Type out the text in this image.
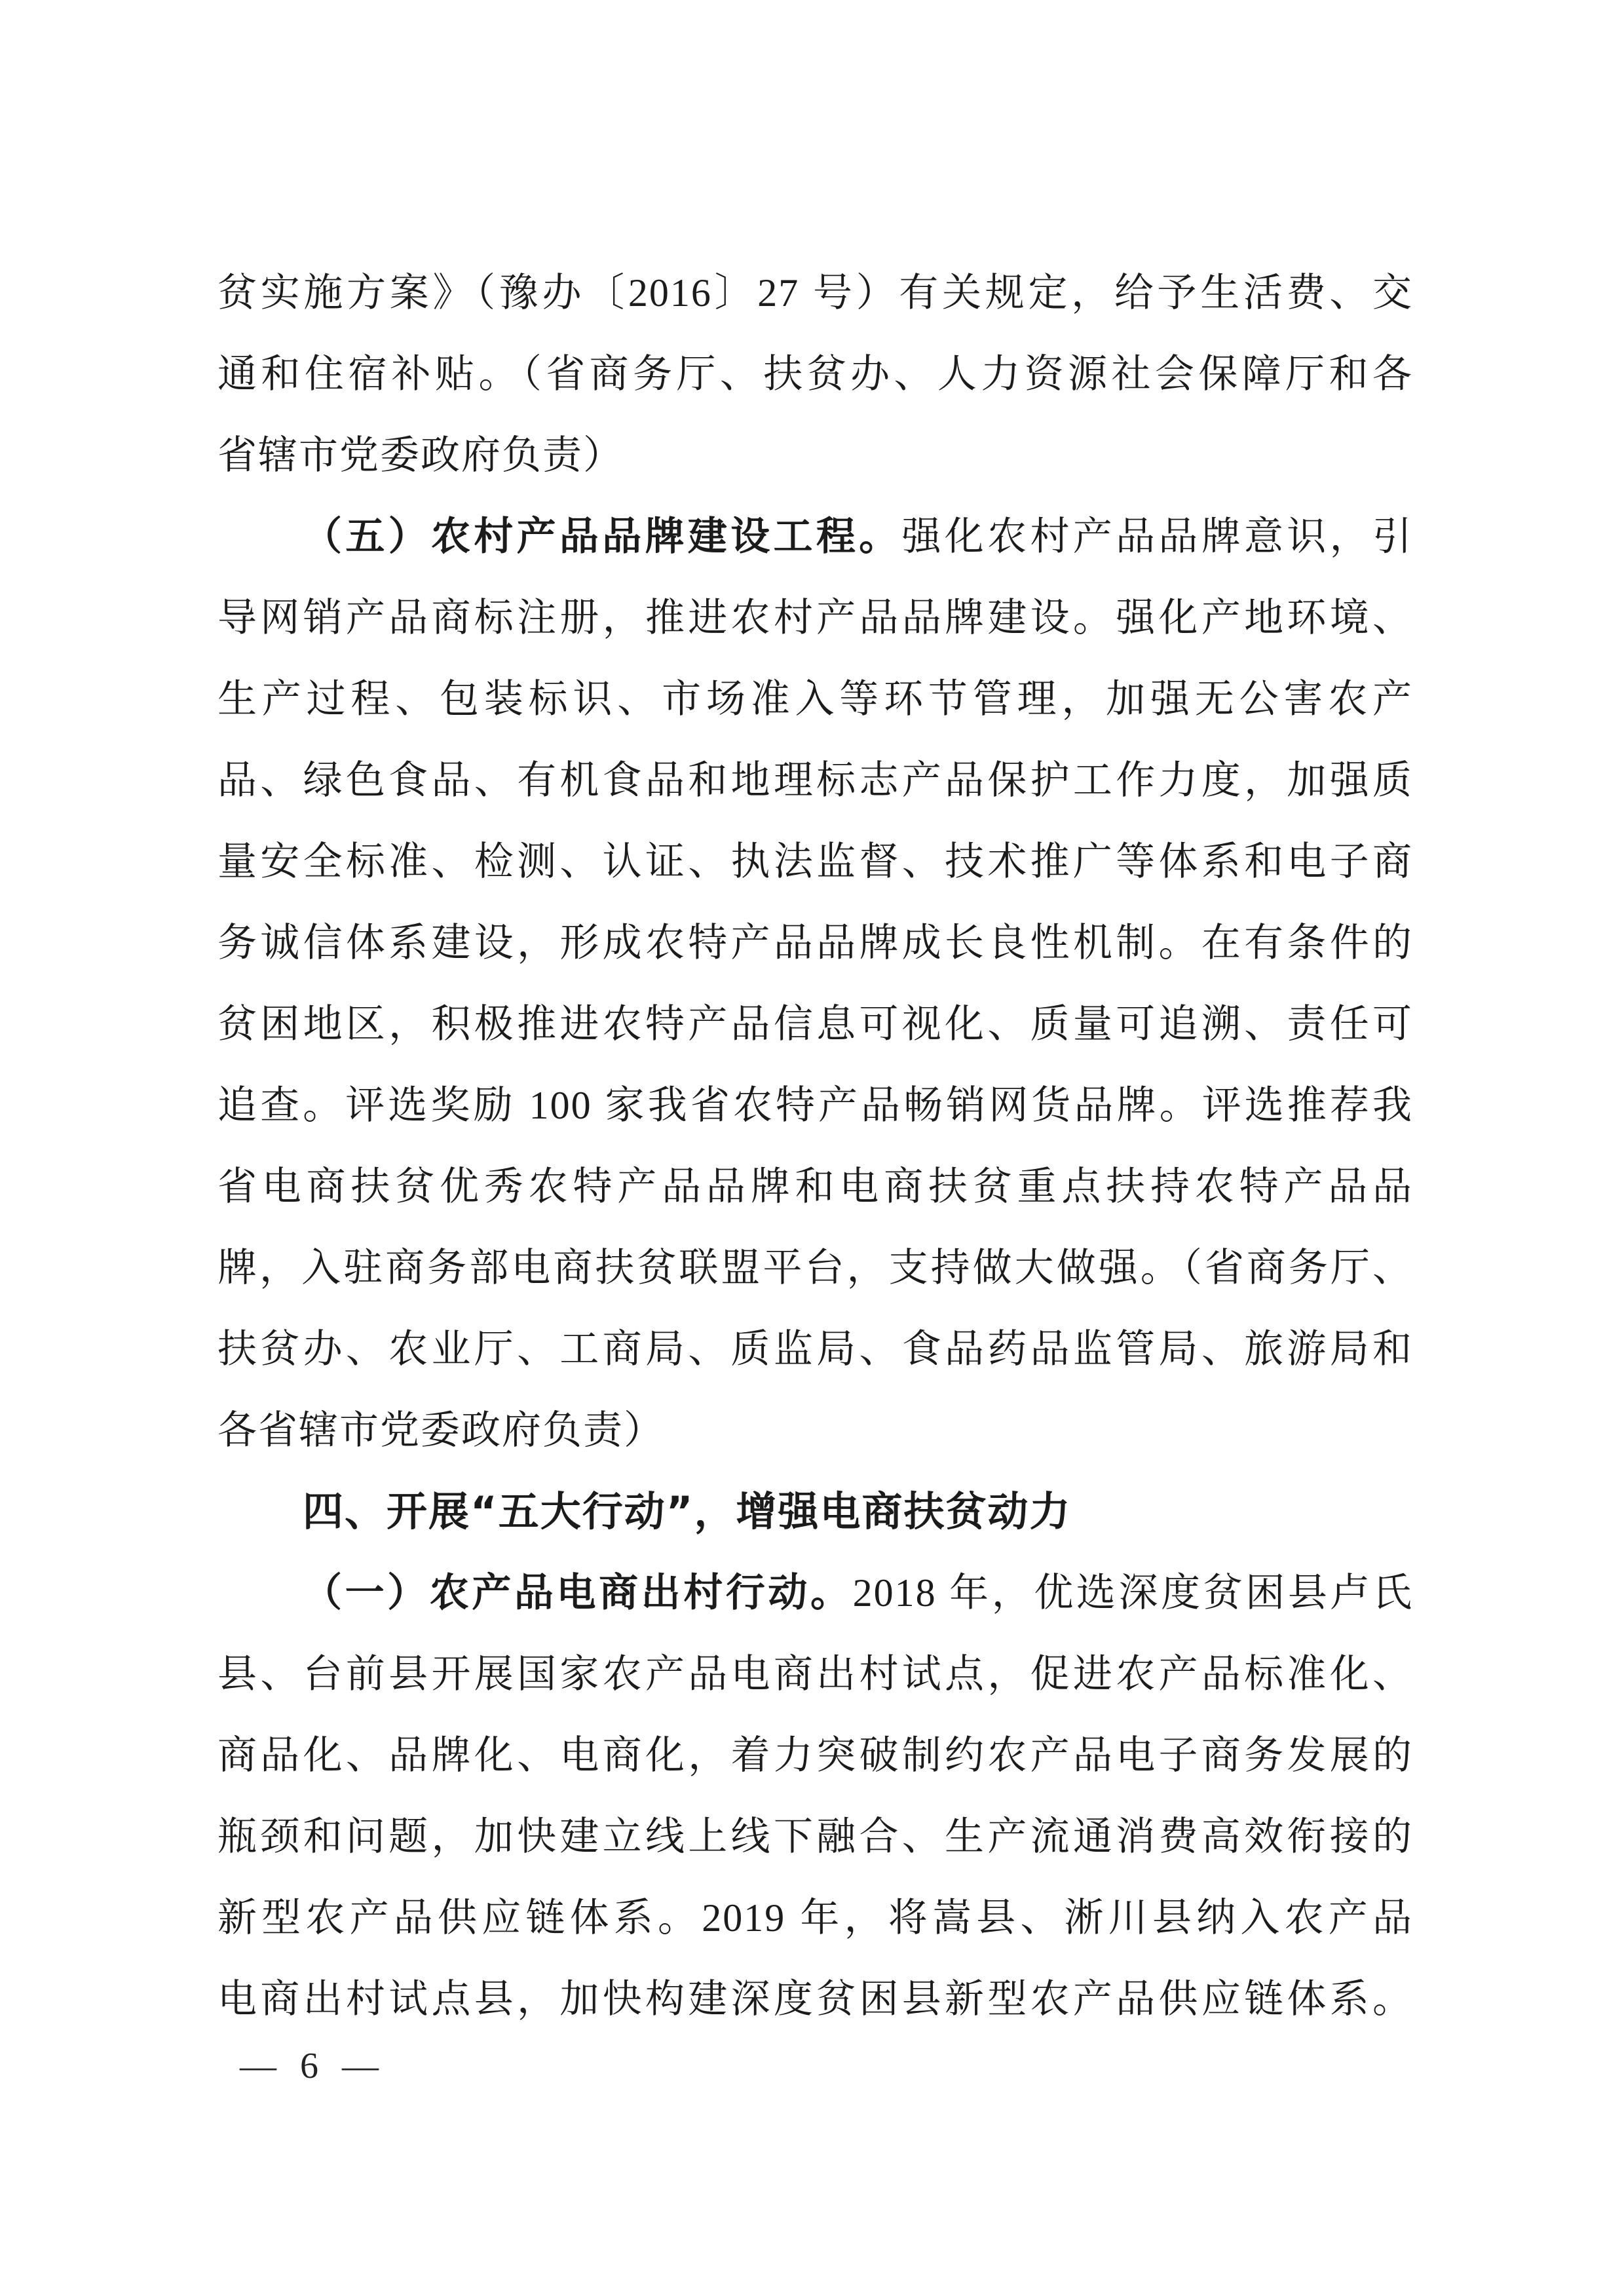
贫实施方案》（豫办〔2016〕27 号）有关规定，给予生活费、交
通和住宿补贴。（省商务厅、扶贫办、人力资源社会保障厅和各
省辖市党委政府负责）
（五）农村产品品牌建设工程。强化农村产品品牌意识，引
导网销产品商标注册，推进农村产品品牌建设。强化产地环境、
生产过程、包装标识、市场准入等环节管理，加强无公害农产
品、绿色食品、有机食品和地理标志产品保护工作力度，加强质
量安全标准、检测、认证、执法监督、技术推广等体系和电子商
务诚信体系建设，形成农特产品品牌成长良性机制。在有条件的
贫困地区，积极推进农特产品信息可视化、质量可追溯、责任可
追查。评选奖励 100 家我省农特产品畅销网货品牌。评选推荐我
省电商扶贫优秀农特产品品牌和电商扶贫重点扶持农特产品品
牌，入驻商务部电商扶贫联盟平台，支持做大做强。（省商务厅、
扶贫办、农业厅、工商局、质监局、食品药品监管局、旅游局和
各省辖市党委政府负责）
四、开展“五大行动”，增强电商扶贫动力
（一）农产品电商出村行动。2018 年，优选深度贫困县卢氏
县、台前县开展国家农产品电商出村试点，促进农产品标准化、
商品化、品牌化、电商化，着力突破制约农产品电子商务发展的
瓶颈和问题，加快建立线上线下融合、生产流通消费高效衔接的
新型农产品供应链体系。2019 年，将嵩县、淅川县纳入农产品
电商出村试点县，加快构建深度贫困县新型农产品供应链体系。
— 6 —
